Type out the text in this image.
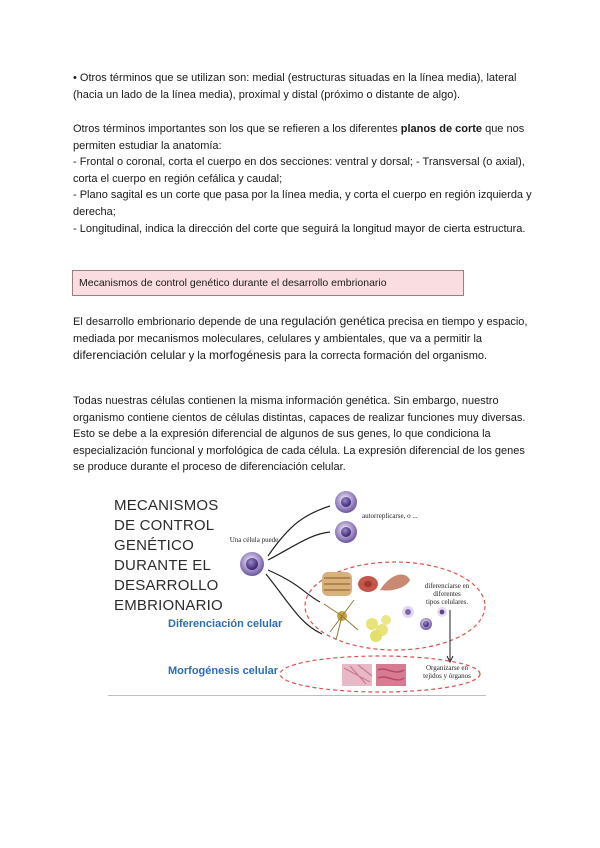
• Otros términos que se utilizan son: medial (estructuras situadas en la línea media), lateral (hacia un lado de la línea media), proximal y distal (próximo o distante de algo).
Otros términos importantes son los que se refieren a los diferentes planos de corte que nos permiten estudiar la anatomía:
- Frontal o coronal, corta el cuerpo en dos secciones: ventral y dorsal; - Transversal (o axial), corta el cuerpo en región cefálica y caudal;
- Plano sagital es un corte que pasa por la línea media, y corta el cuerpo en región izquierda y derecha;
- Longitudinal, indica la dirección del corte que seguirá la longitud mayor de cierta estructura.
Mecanismos de control genético durante el desarrollo embrionario
El desarrollo embrionario depende de una regulación genética precisa en tiempo y espacio, mediada por mecanismos moleculares, celulares y ambientales, que va a permitir la diferenciación celular y la morfogénesis para la correcta formación del organismo.
Todas nuestras células contienen la misma información genética. Sin embargo, nuestro organismo contiene cientos de células distintas, capaces de realizar funciones muy diversas. Esto se debe a la expresión diferencial de algunos de sus genes, lo que condiciona la especialización funcional y morfológica de cada célula. La expresión diferencial de los genes se produce durante el proceso de diferenciación celular.
MECANISMOS
DE CONTROL
GENÉTICO
DURANTE EL
DESARROLLO
EMBRIONARIO
Una célula puede
autorreplicarse, o ...
diferenciarse en
diferentes
tipos celulares.
Organizarse en
tejidos y órganos
Diferenciación celular
Morfogénesis celular
